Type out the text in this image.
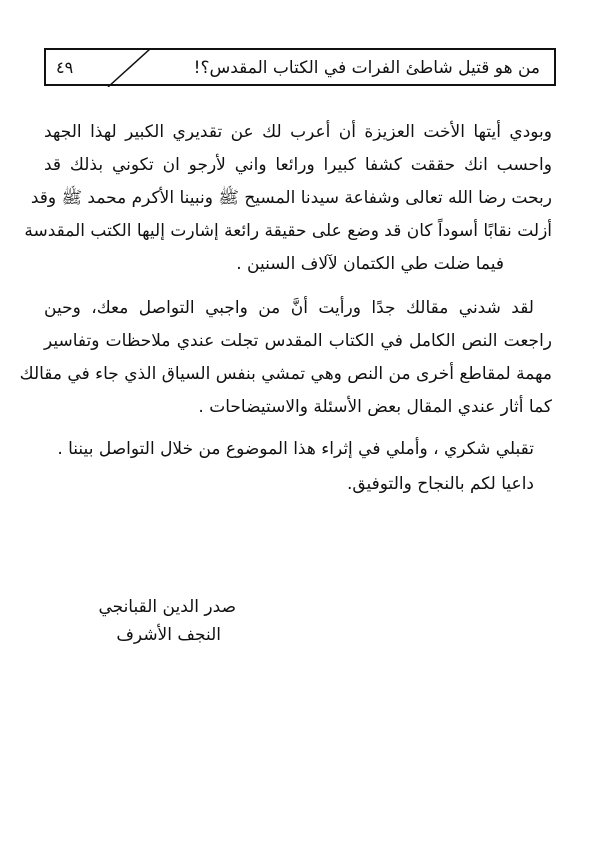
من هو قتيل شاطئ الفرات في الكتاب المقدس؟!
٤٩
وبودي أيتها الأخت العزيزة أن أعرب لك عن تقديري الكبير لهذا الجهد
واحسب انك حققت كشفا كبيرا ورائعا واني لأرجو ان تكوني بذلك قد
ربحت رضا الله تعالى وشفاعة سيدنا المسيح ﷺ ونبينا الأكرم محمد ﷺ وقد
أزلت نقابًا أسوداً كان قد وضع على حقيقة رائعة إشارت إليها الكتب المقدسة
فيما ضلت طي الكتمان لآلاف السنين .
لقد شدني مقالك جدًا ورأيت أنَّ من واجبي التواصل معك، وحين
راجعت النص الكامل في الكتاب المقدس تجلت عندي ملاحظات وتفاسير
مهمة لمقاطع أخرى من النص وهي تمشي بنفس السياق الذي جاء في مقالك
كما أثار عندي المقال بعض الأسئلة والاستيضاحات .
تقبلي شكري ، وأملي في إثراء هذا الموضوع من خلال التواصل بيننا .
داعيا لكم بالنجاح والتوفيق.
صدر الدين القبانجي
النجف الأشرف
